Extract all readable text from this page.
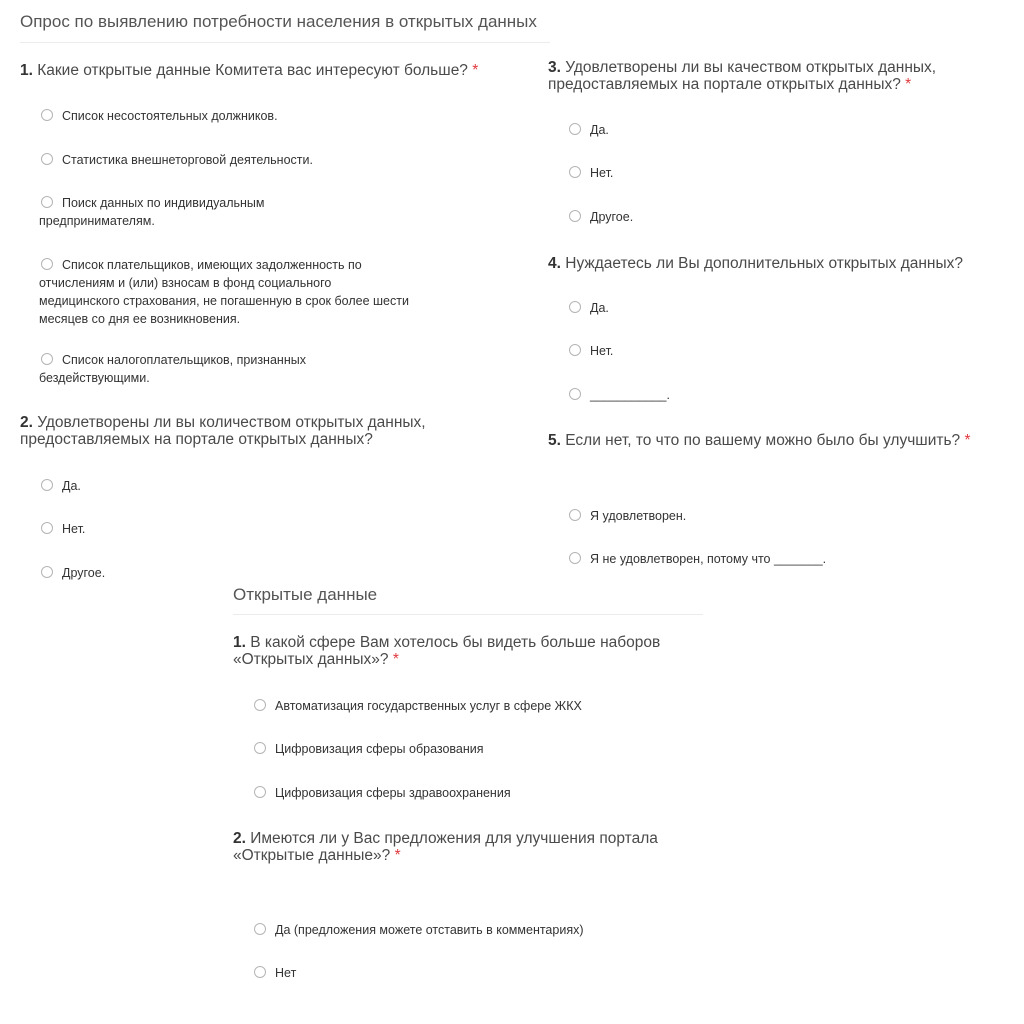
Опрос по выявлению потребности населения в открытых данных
1. Какие открытые данные Комитета вас интересуют больше? *
Список несостоятельных должников.
Статистика внешнеторговой деятельности.
Поиск данных по индивидуальным предпринимателям.
Список плательщиков, имеющих задолженность по отчислениям и (или) взносам в фонд социального медицинского страхования, не погашенную в срок более шести месяцев со дня ее возникновения.
Список налогоплательщиков, признанных бездействующими.
2. Удовлетворены ли вы количеством открытых данных, предоставляемых на портале открытых данных?
Да.
Нет.
Другое.
3. Удовлетворены ли вы качеством открытых данных, предоставляемых на портале открытых данных? *
Да.
Нет.
Другое.
4. Нуждаетесь ли Вы дополнительных открытых данных?
Да.
Нет.
___________.
5. Если нет, то что по вашему можно было бы улучшить? *
Я удовлетворен.
Я не удовлетворен, потому что _______.
Открытые данные
1. В какой сфере Вам хотелось бы видеть больше наборов «Открытых данных»? *
Автоматизация государственных услуг в сфере ЖКХ
Цифровизация сферы образования
Цифровизация сферы здравоохранения
2. Имеются ли у Вас предложения для улучшения портала «Открытые данные»? *
Да (предложения можете отставить в комментариях)
Нет
